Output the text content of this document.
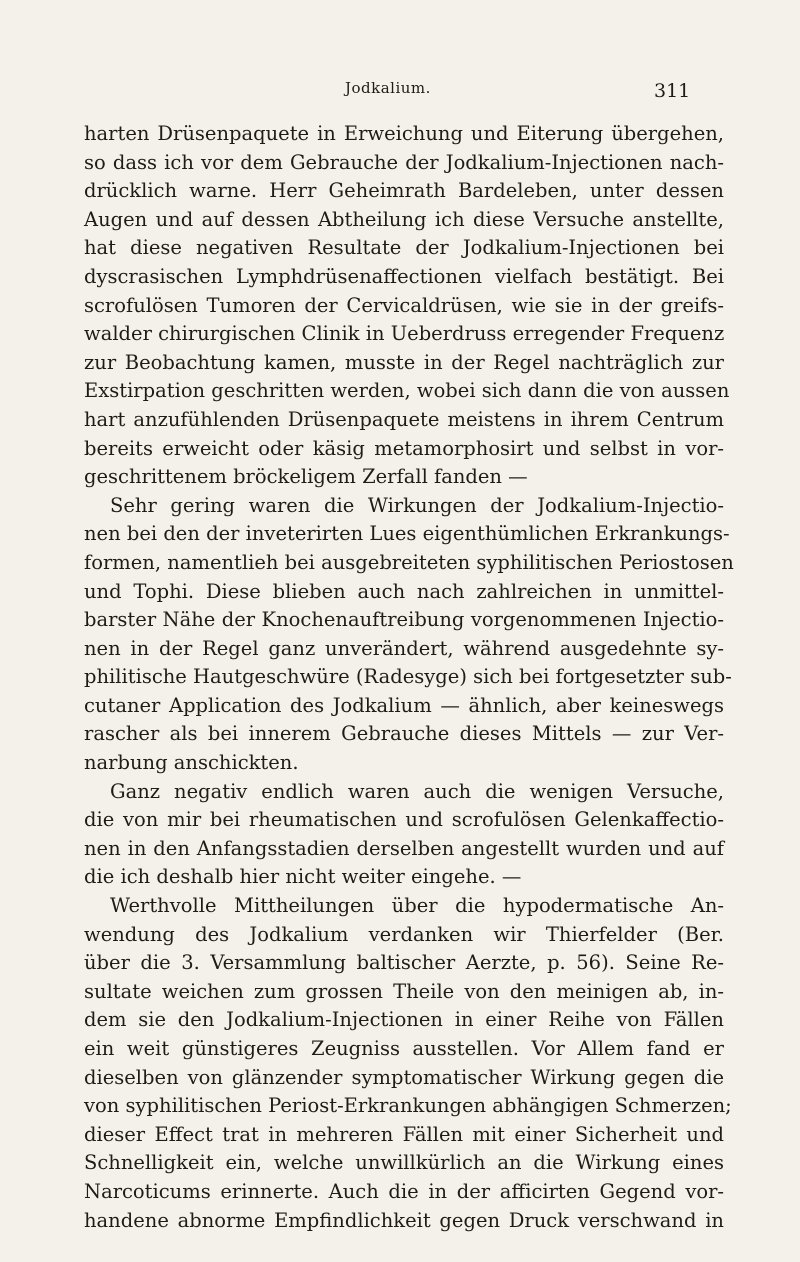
Jodkalium.	311
harten Drüsenpaquete in Erweichung und Eiterung übergehen,
so dass ich vor dem Gebrauche der Jodkalium-Injectionen nach-
drücklich warne. Herr Geheimrath Bardeleben, unter dessen
Augen und auf dessen Abtheilung ich diese Versuche anstellte,
hat diese negativen Resultate der Jodkalium-Injectionen bei
dyscrasischen Lymphdrüsenaffectionen vielfach bestätigt. Bei
scrofulösen Tumoren der Cervicaldrüsen, wie sie in der greifs-
walder chirurgischen Clinik in Ueberdruss erregender Frequenz
zur Beobachtung kamen, musste in der Regel nachträglich zur
Exstirpation geschritten werden, wobei sich dann die von aussen
hart anzufühlenden Drüsenpaquete meistens in ihrem Centrum
bereits erweicht oder käsig metamorphosirt und selbst in vor-
geschrittenem bröckeligem Zerfall fanden —
Sehr gering waren die Wirkungen der Jodkalium-Injectio-
nen bei den der inveterirten Lues eigenthümlichen Erkrankungs-
formen, namentlieh bei ausgebreiteten syphilitischen Periostosen
und Tophi. Diese blieben auch nach zahlreichen in unmittel-
barster Nähe der Knochenauftreibung vorgenommenen Injectio-
nen in der Regel ganz unverändert, während ausgedehnte sy-
philitische Hautgeschwüre (Radesyge) sich bei fortgesetzter sub-
cutaner Application des Jodkalium — ähnlich, aber keineswegs
rascher als bei innerem Gebrauche dieses Mittels — zur Ver-
narbung anschickten.
Ganz negativ endlich waren auch die wenigen Versuche,
die von mir bei rheumatischen und scrofulösen Gelenkaffectio-
nen in den Anfangsstadien derselben angestellt wurden und auf
die ich deshalb hier nicht weiter eingehe. —
Werthvolle Mittheilungen über die hypodermatische An-
wendung des Jodkalium verdanken wir Thierfelder (Ber.
über die 3. Versammlung baltischer Aerzte, p. 56). Seine Re-
sultate weichen zum grossen Theile von den meinigen ab, in-
dem sie den Jodkalium-Injectionen in einer Reihe von Fällen
ein weit günstigeres Zeugniss ausstellen. Vor Allem fand er
dieselben von glänzender symptomatischer Wirkung gegen die
von syphilitischen Periost-Erkrankungen abhängigen Schmerzen;
dieser Effect trat in mehreren Fällen mit einer Sicherheit und
Schnelligkeit ein, welche unwillkürlich an die Wirkung eines
Narcoticums erinnerte. Auch die in der afficirten Gegend vor-
handene abnorme Empfindlichkeit gegen Druck verschwand in
